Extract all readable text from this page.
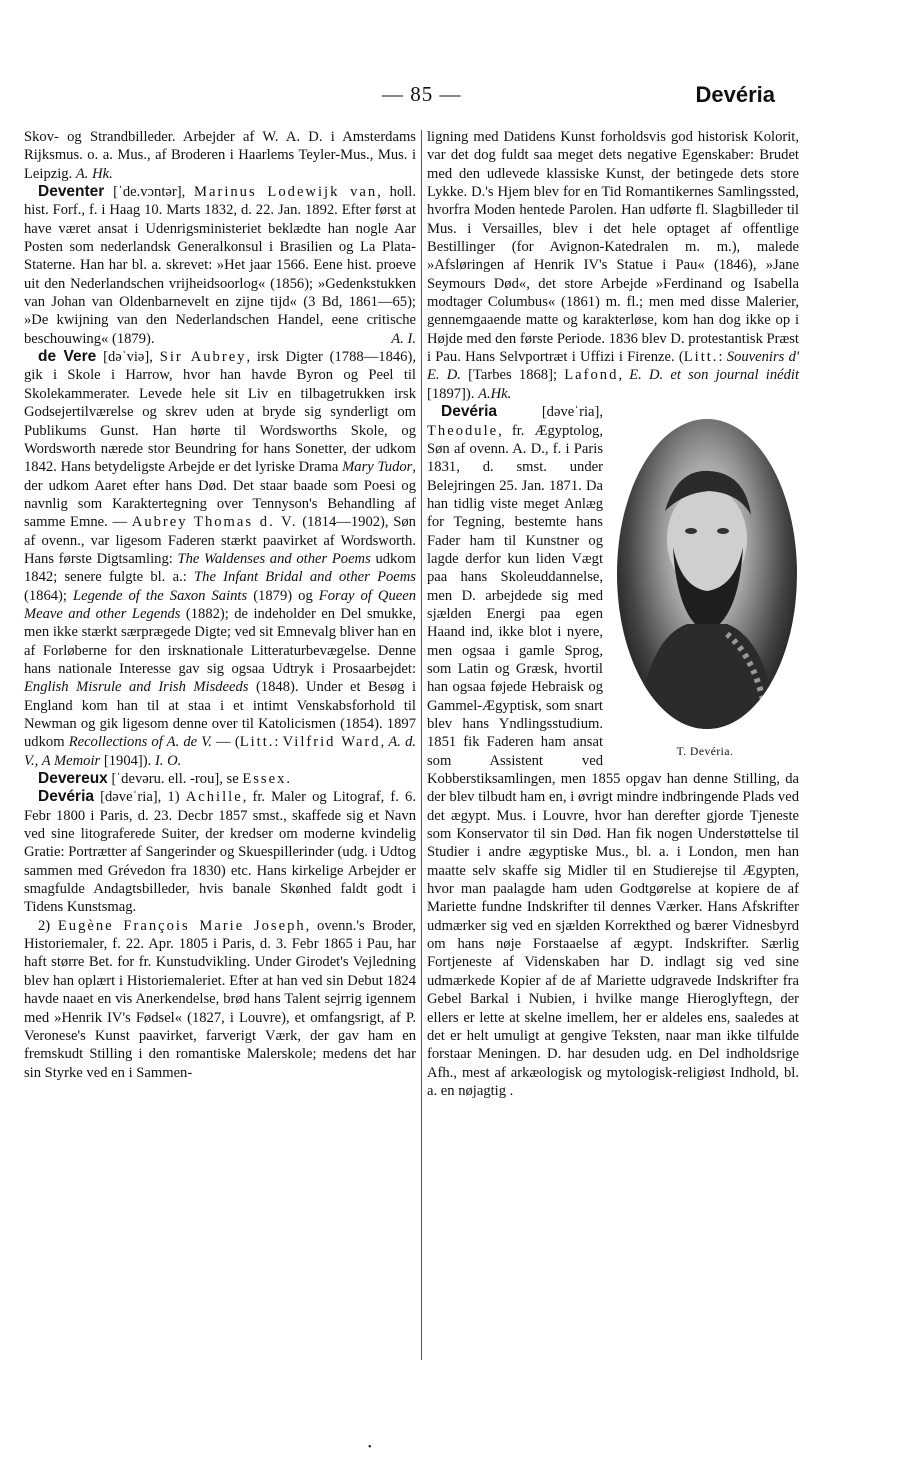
— 85 —	Devéria

Skov- og Strandbilleder. Arbejder af W. A. D. i Amsterdams Rijksmus. o. a. Mus., af Broderen i Haarlems Teyler-Mus., Mus. i Leipzig. A. Hk.

Deventer [ˈde.vɔntər], Marinus Lodewijk van, holl. hist. Forf., f. i Haag 10. Marts 1832, d. 22. Jan. 1892. Efter først at have været ansat i Udenrigsministeriet beklædte han nogle Aar Posten som nederlandsk Generalkonsul i Brasilien og La Plata-Staterne. Han har bl. a. skrevet: »Het jaar 1566. Eene hist. proeve uit den Nederlandschen vrijheidsoorlog« (1856); »Gedenkstukken van Johan van Oldenbarnevelt en zijne tijd« (3 Bd, 1861—65); »De kwijning van den Nederlandschen Handel, eene critische beschouwing« (1879).	A. I.

de Vere [dəˈviə], Sir Aubrey, irsk Digter (1788—1846), gik i Skole i Harrow, hvor han havde Byron og Peel til Skolekammerater. Levede hele sit Liv en tilbagetrukken irsk Godsejertilværelse og skrev uden at bryde sig synderligt om Publikums Gunst. Han hørte til Wordsworths Skole, og Wordsworth nærede stor Beundring for hans Sonetter, der udkom 1842. Hans betydeligste Arbejde er det lyriske Drama Mary Tudor, der udkom Aaret efter hans Død. Det staar baade som Poesi og navnlig som Karaktertegning over Tennyson's Behandling af samme Emne. — Aubrey Thomas d. V. (1814—1902), Søn af ovenn., var ligesom Faderen stærkt paavirket af Wordsworth. Hans første Digtsamling: The Waldenses and other Poems udkom 1842; senere fulgte bl. a.: The Infant Bridal and other Poems (1864); Legende of the Saxon Saints (1879) og Foray of Queen Meave and other Legends (1882); de indeholder en Del smukke, men ikke stærkt særprægede Digte; ved sit Emnevalg bliver han en af Forløberne for den irsknationale Litteraturbevægelse. Denne hans nationale Interesse gav sig ogsaa Udtryk i Prosaarbejdet: English Misrule and Irish Misdeeds (1848). Under et Besøg i England kom han til at staa i et intimt Venskabsforhold til Newman og gik ligesom denne over til Katolicismen (1854). 1897 udkom Recollections of A. de V. — (Litt.: Vilfrid Ward, A. d. V., A Memoir [1904]). I. O.

Devereux [ˈdevəru. ell. -rou], se Essex.

Devéria [dəveˈria], 1) Achille, fr. Maler og Litograf, f. 6. Febr 1800 i Paris, d. 23. Decbr 1857 smst., skaffede sig et Navn ved sine litograferede Suiter, der kredser om moderne kvindelig Gratie: Portrætter af Sangerinder og Skuespillerinder (udg. i Udtog sammen med Grévedon fra 1830) etc. Hans kirkelige Arbejder er smagfulde Andagtsbilleder, hvis banale Skønhed faldt godt i Tidens Kunstsmag.

2) Eugène François Marie Joseph, ovenn.'s Broder, Historiemaler, f. 22. Apr. 1805 i Paris, d. 3. Febr 1865 i Pau, har haft større Bet. for fr. Kunstudvikling. Under Girodet's Vejledning blev han oplært i Historiemaleriet. Efter at han ved sin Debut 1824 havde naaet en vis Anerkendelse, brød hans Talent sejrrig igennem med »Henrik IV's Fødsel« (1827, i Louvre), et omfangsrigt, af P. Veronese's Kunst paavirket, farverigt Værk, der gav ham en fremskudt Stilling i den romantiske Malerskole; medens det har sin Styrke ved en i Sammen-

ligning med Datidens Kunst forholdsvis god historisk Kolorit, var det dog fuldt saa meget dets negative Egenskaber: Brudet med den udlevede klassiske Kunst, der betingede dets store Lykke. D.'s Hjem blev for en Tid Romantikernes Samlingssted, hvorfra Moden hentede Parolen. Han udførte fl. Slagbilleder til Mus. i Versailles, blev i det hele optaget af offentlige Bestillinger (for Avignon-Katedralen m. m.), malede »Afsløringen af Henrik IV's Statue i Pau« (1846), »Jane Seymours Død«, det store Arbejde »Ferdinand og Isabella modtager Columbus« (1861) m. fl.; men med disse Malerier, gennemgaaende matte og karakterløse, kom han dog ikke op i Højde med den første Periode. 1836 blev D. protestantisk Præst i Pau. Hans Selvportræt i Uffizi i Firenze. (Litt.: Souvenirs d' E. D. [Tarbes 1868]; Lafond, E. D. et son journal inédit [1897]). A.Hk.

T. Devéria.

Devéria [dəveˈria], Theodule, fr. Ægyptolog, Søn af ovenn. A. D., f. i Paris 1831, d. smst. under Belejringen 25. Jan. 1871. Da han tidlig viste meget Anlæg for Tegning, bestemte hans Fader ham til Kunstner og lagde derfor kun liden Vægt paa hans Skoleuddannelse, men D. arbejdede sig med sjælden Energi paa egen Haand ind, ikke blot i nyere, men ogsaa i gamle Sprog, som Latin og Græsk, hvortil han ogsaa føjede Hebraisk og Gammel-Ægyptisk, som snart blev hans Yndlingsstudium. 1851 fik Faderen ham ansat som Assistent ved Kobberstiksamlingen, men 1855 opgav han denne Stilling, da der blev tilbudt ham en, i øvrigt mindre indbringende Plads ved det ægypt. Mus. i Louvre, hvor han derefter gjorde Tjeneste som Konservator til sin Død. Han fik nogen Understøttelse til Studier i andre ægyptiske Mus., bl. a. i London, men han maatte selv skaffe sig Midler til en Studierejse til Ægypten, hvor man paalagde ham uden Godtgørelse at kopiere de af Mariette fundne Indskrifter til dennes Værker. Hans Afskrifter udmærker sig ved en sjælden Korrekthed og bærer Vidnesbyrd om hans nøje Forstaaelse af ægypt. Indskrifter. Særlig Fortjeneste af Videnskaben har D. indlagt sig ved sine udmærkede Kopier af de af Mariette udgravede Indskrifter fra Gebel Barkal i Nubien, i hvilke mange Hieroglyftegn, der ellers er lette at skelne imellem, her er aldeles ens, saaledes at det er helt umuligt at gengive Teksten, naar man ikke tilfulde forstaar Meningen. D. har desuden udg. en Del indholdsrige Afh., mest af arkæologisk og mytologisk-religiøst Indhold, bl. a. en nøjagtig .

•
